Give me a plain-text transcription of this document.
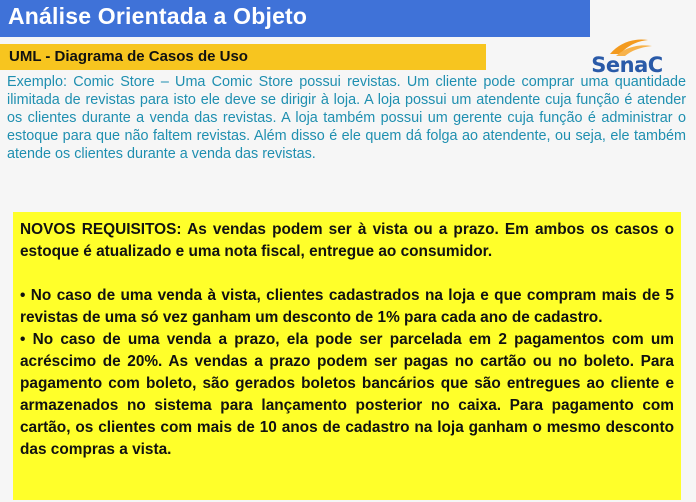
Análise Orientada a Objeto
UML - Diagrama de Casos de Uso	SenaC

Exemplo: Comic Store – Uma Comic Store possui revistas. Um cliente pode comprar uma quantidade ilimitada de revistas para isto ele deve se dirigir à loja. A loja possui um atendente cuja função é atender os clientes durante a venda das revistas. A loja também possui um gerente cuja função é administrar o estoque para que não faltem revistas. Além disso é ele quem dá folga ao atendente, ou seja, ele também atende os clientes durante a venda das revistas.

NOVOS REQUISITOS: As vendas podem ser à vista ou a prazo. Em ambos os casos o estoque é atualizado e uma nota fiscal, entregue ao consumidor.

• No caso de uma venda à vista, clientes cadastrados na loja e que compram mais de 5 revistas de uma só vez ganham um desconto de 1% para cada ano de cadastro.

• No caso de uma venda a prazo, ela pode ser parcelada em 2 pagamentos com um acréscimo de 20%. As vendas a prazo podem ser pagas no cartão ou no boleto. Para pagamento com boleto, são gerados boletos bancários que são entregues ao cliente e armazenados no sistema para lançamento posterior no caixa. Para pagamento com cartão, os clientes com mais de 10 anos de cadastro na loja ganham o mesmo desconto das compras a vista.
